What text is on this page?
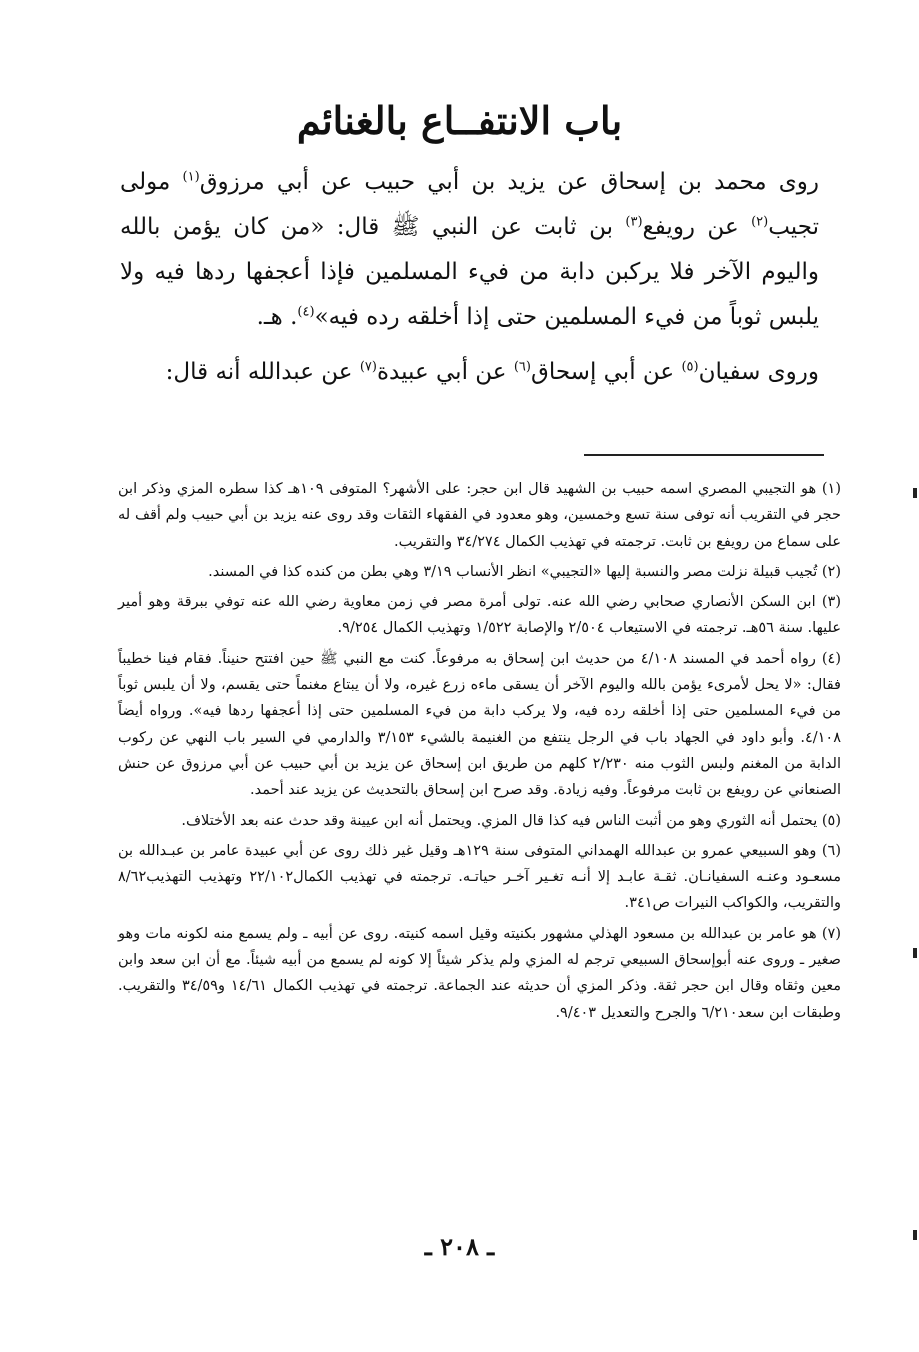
باب الانتفــاع بالغنائم

روى محمد بن إسحاق عن يزيد بن أبي حبيب عن أبي مرزوق$^{(١)}$ مولى تجيب$^{(٢)}$ عن رويفع$^{(٣)}$ بن ثابت عن النبي ﷺ قال: «من كان يؤمن بالله واليوم الآخر فلا يركبن دابة من فيء المسلمين فإذا أعجفها ردها فيه ولا يلبس ثوباً من فيء المسلمين حتى إذا أخلقه رده فيه»$^{(٤)}$. هـ.

وروى سفيان$^{(٥)}$ عن أبي إسحاق$^{(٦)}$ عن أبي عبيدة$^{(٧)}$ عن عبدالله أنه قال:

(١) هو التجيبي المصري اسمه حبيب بن الشهيد قال ابن حجر: على الأشهر؟ المتوفى ١٠٩هـ كذا سطره المزي وذكر ابن حجر في التقريب أنه توفى سنة تسع وخمسين، وهو معدود في الفقهاء الثقات وقد روى عنه يزيد بن أبي حبيب ولم أقف له على سماع من رويفع بن ثابت. ترجمته في تهذيب الكمال ٣٤/٢٧٤ والتقريب.

(٢) تُجيب قبيلة نزلت مصر والنسبة إليها «التجيبي» انظر الأنساب ٣/١٩ وهي بطن من كنده كذا في المسند.

(٣) ابن السكن الأنصاري صحابي رضي الله عنه. تولى أمرة مصر في زمن معاوية رضي الله عنه توفي ببرقة وهو أمير عليها. سنة ٥٦هـ. ترجمته في الاستيعاب ٢/٥٠٤ والإصابة ١/٥٢٢ وتهذيب الكمال ٩/٢٥٤.

(٤) رواه أحمد في المسند ٤/١٠٨ من حديث ابن إسحاق به مرفوعاً. كنت مع النبي ﷺ حين افتتح حنيناً. فقام فينا خطيباً فقال: «لا يحل لأمرىء يؤمن بالله واليوم الآخر أن يسقى ماءه زرع غيره، ولا أن يبتاع مغنماً حتى يقسم، ولا أن يلبس ثوباً من فيء المسلمين حتى إذا أخلقه رده فيه، ولا يركب دابة من فيء المسلمين حتى إذا أعجفها ردها فيه». ورواه أيضاً ٤/١٠٨. وأبو داود في الجهاد باب في الرجل ينتفع من الغنيمة بالشيء ٣/١٥٣ والدارمي في السير باب النهي عن ركوب الدابة من المغنم ولبس الثوب منه ٢/٢٣٠ كلهم من طريق ابن إسحاق عن يزيد بن أبي حبيب عن أبي مرزوق عن حنش الصنعاني عن رويفع بن ثابت مرفوعاً. وفيه زيادة. وقد صرح ابن إسحاق بالتحديث عن يزيد عند أحمد.

(٥) يحتمل أنه الثوري وهو من أثبت الناس فيه كذا قال المزي. ويحتمل أنه ابن عيينة وقد حدث عنه بعد الأختلاف.

(٦) وهو السبيعي عمرو بن عبدالله الهمداني المتوفى سنة ١٢٩هـ وقيل غير ذلك روى عن أبي عبيدة عامر بن عبـدالله بن مسعـود وعنـه السفيانـان. ثقـة عابـد إلا أنـه تغـير آخـر حياتـه. ترجمته في تهذيب الكمال٢٢/١٠٢ وتهذيب التهذيب٨/٦٢ والتقريب، والكواكب النيرات ص٣٤١.

(٧) هو عامر بن عبدالله بن مسعود الهذلي مشهور بكنيته وقيل اسمه كنيته. روى عن أبيه ـ ولم يسمع منه لكونه مات وهو صغير ـ وروى عنه أبوإسحاق السبيعي ترجم له المزي ولم يذكر شيئاً إلا كونه لم يسمع من أبيه شيئاً. مع أن ابن سعد وابن معين وثقاه وقال ابن حجر ثقة. وذكر المزي أن حديثه عند الجماعة. ترجمته في تهذيب الكمال ١٤/٦١ و٣٤/٥٩ والتقريب. وطبقات ابن سعد٦/٢١٠ والجرح والتعديل ٩/٤٠٣.

ـ ٢٠٨ ـ
